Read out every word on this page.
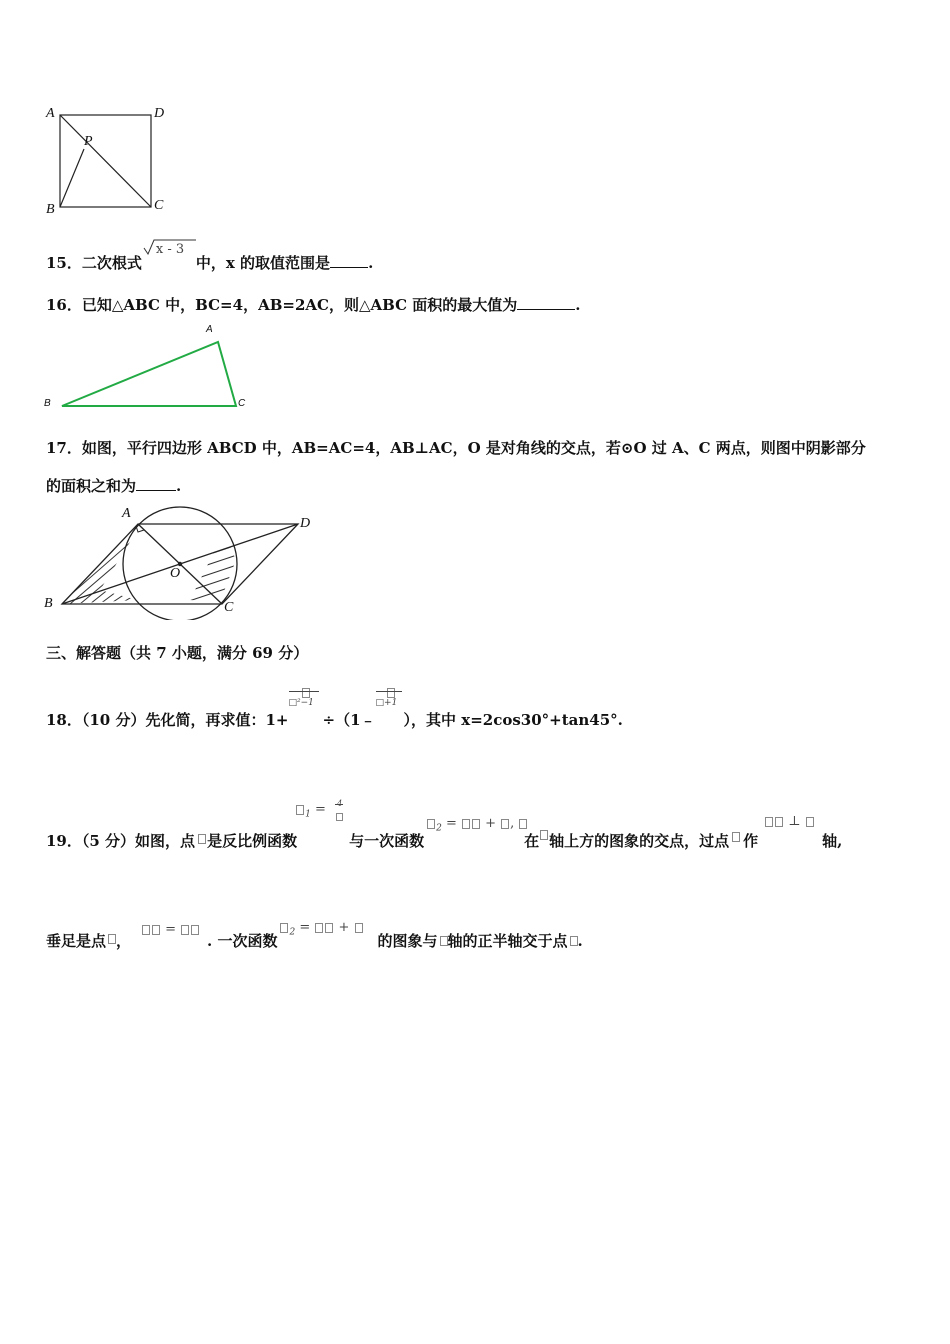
A	D
P
B	C
15．二次根式
x - 3
中，x 的取值范围是	.
16．已知△ABC 中，BC=4，AB=2AC，则△ABC 面积的最大值为	.
A
B	C
17．如图，平行四边形 ABCD 中，AB=AC=4，AB⊥AC，O 是对角线的交点，若⊙O 过 A、C 两点，则图中阴影部分
的面积之和为	.
A
D
O
B	C
三、解答题（共 7 小题，满分 69 分）
18．（10 分）先化简，再求值：1+
□²−1
÷（1﹣
□+1
），其中 x=2cos30°+tan45°.
19．（5 分）如图，点 是反比例函数
$_1$ = 4
与一次函数
$_2$ =  + ,
在 轴上方的图象的交点，过点 作
⊥
轴,
垂足是点 ，
=
. 一次函数	$_2$ =  +
的图象与 轴的正半轴交于点 .
